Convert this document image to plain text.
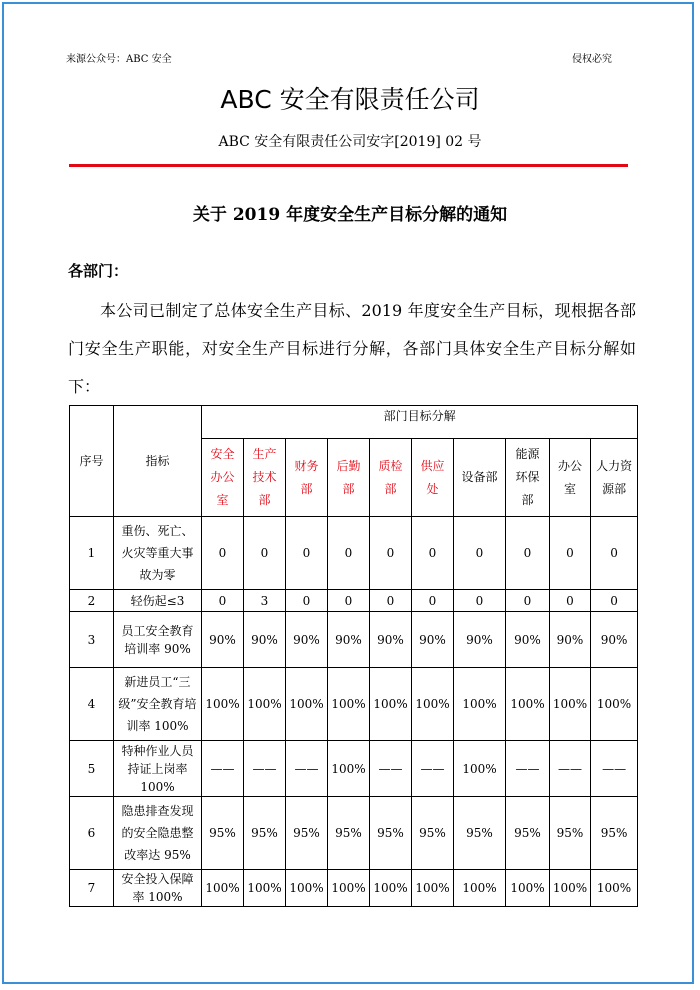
来源公众号：ABC 安全	侵权必究
ABC 安全有限责任公司
ABC 安全有限责任公司安字[2019] 02 号
关于 2019 年度安全生产目标分解的通知
各部门：

本公司已制定了总体安全生产目标、2019 年度安全生产目标，现根据各部门安全生产职能，对安全生产目标进行分解，各部门具体安全生产目标分解如下：

序号	指标	部门目标分解									
		安全办公室	生产技术部	财务部	后勤部	质检部	供应处	设备部	能源环保部	办公室	人力资源部
1	重伤、死亡、火灾等重大事故为零	0	0	0	0	0	0	0	0	0	0
2	轻伤起≤3	0	3	0	0	0	0	0	0	0	0
3	员工安全教育培训率 90%	90%	90%	90%	90%	90%	90%	90%	90%	90%	90%
4	新进员工“三级”安全教育培训率 100%	100%	100%	100%	100%	100%	100%	100%	100%	100%	100%
5	特种作业人员持证上岗率 100%	——	——	——	100%	——	——	100%	——	——	——
6	隐患排查发现的安全隐患整改率达 95%	95%	95%	95%	95%	95%	95%	95%	95%	95%	95%
7	安全投入保障率 100%	100%	100%	100%	100%	100%	100%	100%	100%	100%	100%
